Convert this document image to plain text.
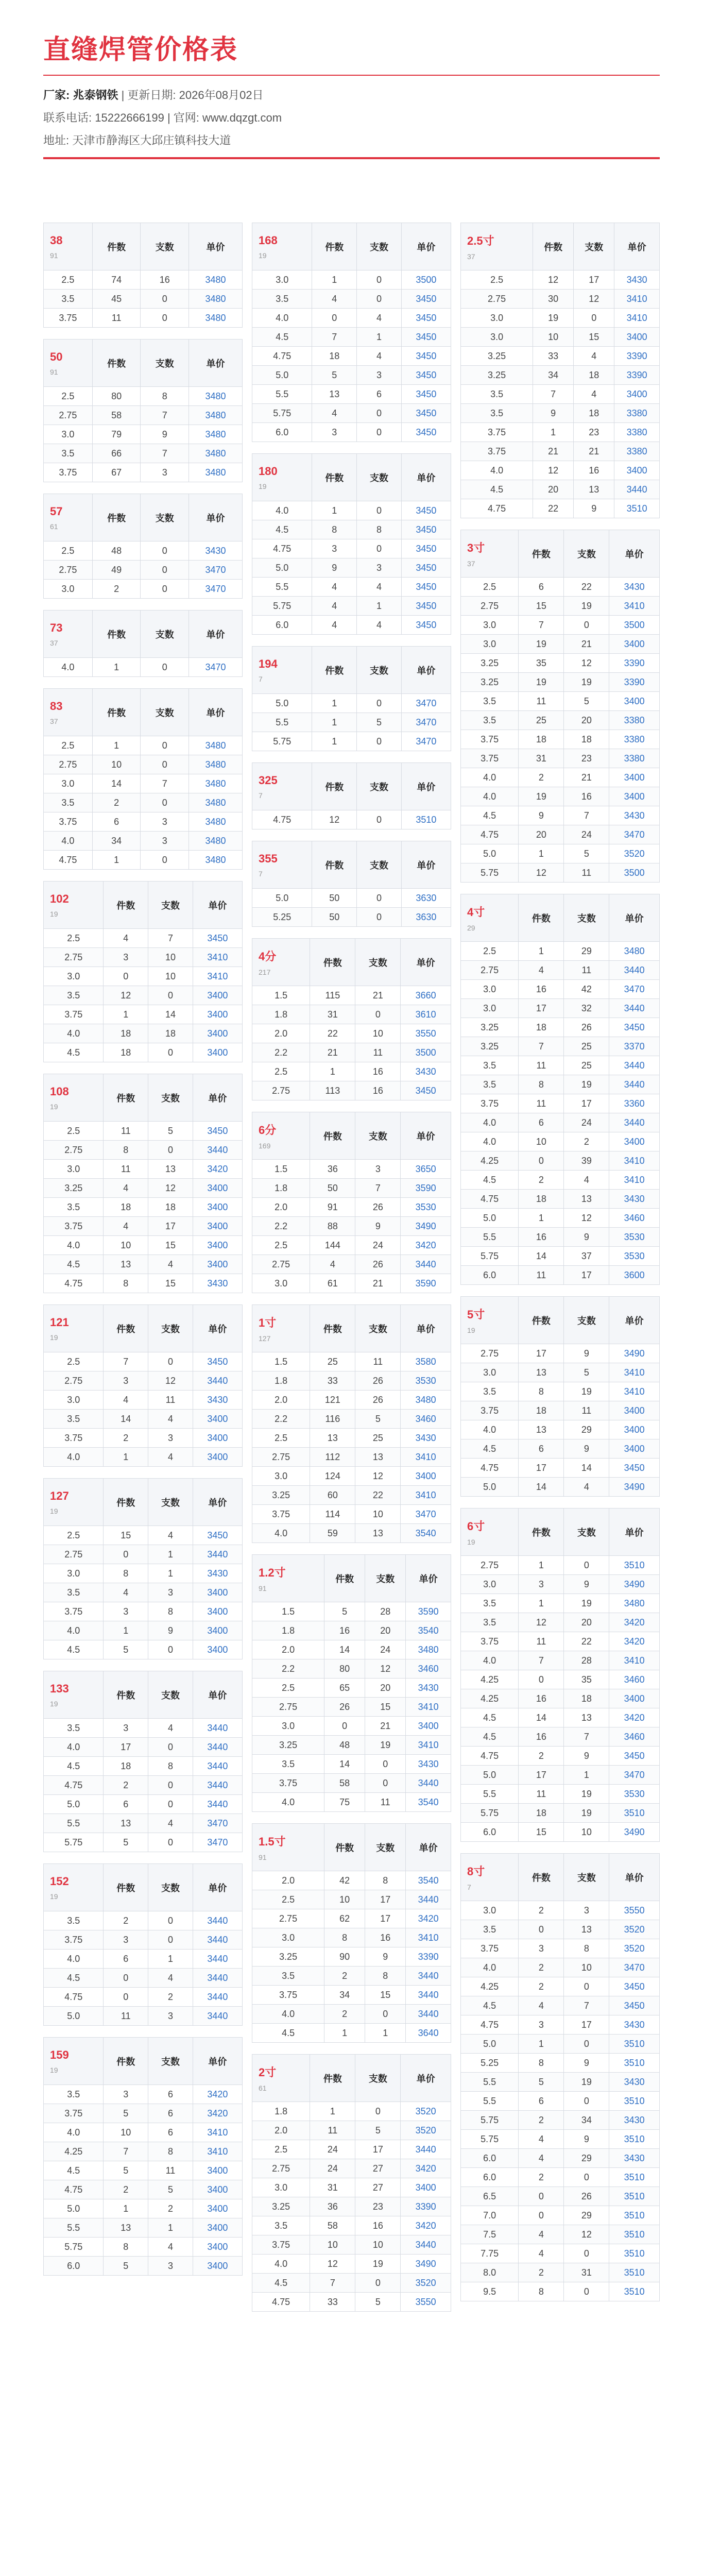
直缝焊管价格表
厂家: 兆泰钢铁 | 更新日期: 2026年08月02日
联系电话: 15222666199 | 官网: www.dqzgt.com
地址: 天津市静海区大邱庄镇科技大道
38
91	件数	支数	单价
2.5	74	16	3480
3.5	45	0	3480
3.75	11	0	3480
50
91	件数	支数	单价
2.5	80	8	3480
2.75	58	7	3480
3.0	79	9	3480
3.5	66	7	3480
3.75	67	3	3480
57
61	件数	支数	单价
2.5	48	0	3430
2.75	49	0	3470
3.0	2	0	3470
73
37	件数	支数	单价
4.0	1	0	3470
83
37	件数	支数	单价
2.5	1	0	3480
2.75	10	0	3480
3.0	14	7	3480
3.5	2	0	3480
3.75	6	3	3480
4.0	34	3	3480
4.75	1	0	3480
102
19	件数	支数	单价
2.5	4	7	3450
2.75	3	10	3410
3.0	0	10	3410
3.5	12	0	3400
3.75	1	14	3400
4.0	18	18	3400
4.5	18	0	3400
108
19	件数	支数	单价
2.5	11	5	3450
2.75	8	0	3440
3.0	11	13	3420
3.25	4	12	3400
3.5	18	18	3400
3.75	4	17	3400
4.0	10	15	3400
4.5	13	4	3400
4.75	8	15	3430
121
19	件数	支数	单价
2.5	7	0	3450
2.75	3	12	3440
3.0	4	11	3430
3.5	14	4	3400
3.75	2	3	3400
4.0	1	4	3400
127
19	件数	支数	单价
2.5	15	4	3450
2.75	0	1	3440
3.0	8	1	3430
3.5	4	3	3400
3.75	3	8	3400
4.0	1	9	3400
4.5	5	0	3400
133
19	件数	支数	单价
3.5	3	4	3440
4.0	17	0	3440
4.5	18	8	3440
4.75	2	0	3440
5.0	6	0	3440
5.5	13	4	3470
5.75	5	0	3470
152
19	件数	支数	单价
3.5	2	0	3440
3.75	3	0	3440
4.0	6	1	3440
4.5	0	4	3440
4.75	0	2	3440
5.0	11	3	3440
159
19	件数	支数	单价
3.5	3	6	3420
3.75	5	6	3420
4.0	10	6	3410
4.25	7	8	3410
4.5	5	11	3400
4.75	2	5	3400
5.0	1	2	3400
5.5	13	1	3400
5.75	8	4	3400
6.0	5	3	3400
168
19	件数	支数	单价
3.0	1	0	3500
3.5	4	0	3450
4.0	0	4	3450
4.5	7	1	3450
4.75	18	4	3450
5.0	5	3	3450
5.5	13	6	3450
5.75	4	0	3450
6.0	3	0	3450
180
19	件数	支数	单价
4.0	1	0	3450
4.5	8	8	3450
4.75	3	0	3450
5.0	9	3	3450
5.5	4	4	3450
5.75	4	1	3450
6.0	4	4	3450
194
7	件数	支数	单价
5.0	1	0	3470
5.5	1	5	3470
5.75	1	0	3470
325
7	件数	支数	单价
4.75	12	0	3510
355
7	件数	支数	单价
5.0	50	0	3630
5.25	50	0	3630
4分
217	件数	支数	单价
1.5	115	21	3660
1.8	31	0	3610
2.0	22	10	3550
2.2	21	11	3500
2.5	1	16	3430
2.75	113	16	3450
6分
169	件数	支数	单价
1.5	36	3	3650
1.8	50	7	3590
2.0	91	26	3530
2.2	88	9	3490
2.5	144	24	3420
2.75	4	26	3440
3.0	61	21	3590
1寸
127	件数	支数	单价
1.5	25	11	3580
1.8	33	26	3530
2.0	121	26	3480
2.2	116	5	3460
2.5	13	25	3430
2.75	112	13	3410
3.0	124	12	3400
3.25	60	22	3410
3.75	114	10	3470
4.0	59	13	3540
1.2寸
91	件数	支数	单价
1.5	5	28	3590
1.8	16	20	3540
2.0	14	24	3480
2.2	80	12	3460
2.5	65	20	3430
2.75	26	15	3410
3.0	0	21	3400
3.25	48	19	3410
3.5	14	0	3430
3.75	58	0	3440
4.0	75	11	3540
1.5寸
91	件数	支数	单价
2.0	42	8	3540
2.5	10	17	3440
2.75	62	17	3420
3.0	8	16	3410
3.25	90	9	3390
3.5	2	8	3440
3.75	34	15	3440
4.0	2	0	3440
4.5	1	1	3640
2寸
61	件数	支数	单价
1.8	1	0	3520
2.0	11	5	3520
2.5	24	17	3440
2.75	24	27	3420
3.0	31	27	3400
3.25	36	23	3390
3.5	58	16	3420
3.75	10	10	3440
4.0	12	19	3490
4.5	7	0	3520
4.75	33	5	3550
2.5寸
37	件数	支数	单价
2.5	12	17	3430
2.75	30	12	3410
3.0	19	0	3410
3.0	10	15	3400
3.25	33	4	3390
3.25	34	18	3390
3.5	7	4	3400
3.5	9	18	3380
3.75	1	23	3380
3.75	21	21	3380
4.0	12	16	3400
4.5	20	13	3440
4.75	22	9	3510
3寸
37	件数	支数	单价
2.5	6	22	3430
2.75	15	19	3410
3.0	7	0	3500
3.0	19	21	3400
3.25	35	12	3390
3.25	19	19	3390
3.5	11	5	3400
3.5	25	20	3380
3.75	18	18	3380
3.75	31	23	3380
4.0	2	21	3400
4.0	19	16	3400
4.5	9	7	3430
4.75	20	24	3470
5.0	1	5	3520
5.75	12	11	3500
4寸
29	件数	支数	单价
2.5	1	29	3480
2.75	4	11	3440
3.0	16	42	3470
3.0	17	32	3440
3.25	18	26	3450
3.25	7	25	3370
3.5	11	25	3440
3.5	8	19	3440
3.75	11	17	3360
4.0	6	24	3440
4.0	10	2	3400
4.25	0	39	3410
4.5	2	4	3410
4.75	18	13	3430
5.0	1	12	3460
5.5	16	9	3530
5.75	14	37	3530
6.0	11	17	3600
5寸
19	件数	支数	单价
2.75	17	9	3490
3.0	13	5	3410
3.5	8	19	3410
3.75	18	11	3400
4.0	13	29	3400
4.5	6	9	3400
4.75	17	14	3450
5.0	14	4	3490
6寸
19	件数	支数	单价
2.75	1	0	3510
3.0	3	9	3490
3.5	1	19	3480
3.5	12	20	3420
3.75	11	22	3420
4.0	7	28	3410
4.25	0	35	3460
4.25	16	18	3400
4.5	14	13	3420
4.5	16	7	3460
4.75	2	9	3450
5.0	17	1	3470
5.5	11	19	3530
5.75	18	19	3510
6.0	15	10	3490
8寸
7	件数	支数	单价
3.0	2	3	3550
3.5	0	13	3520
3.75	3	8	3520
4.0	2	10	3470
4.25	2	0	3450
4.5	4	7	3450
4.75	3	17	3430
5.0	1	0	3510
5.25	8	9	3510
5.5	5	19	3430
5.5	6	0	3510
5.75	2	34	3430
5.75	4	9	3510
6.0	4	29	3430
6.0	2	0	3510
6.5	0	26	3510
7.0	0	29	3510
7.5	4	12	3510
7.75	4	0	3510
8.0	2	31	3510
9.5	8	0	3510
